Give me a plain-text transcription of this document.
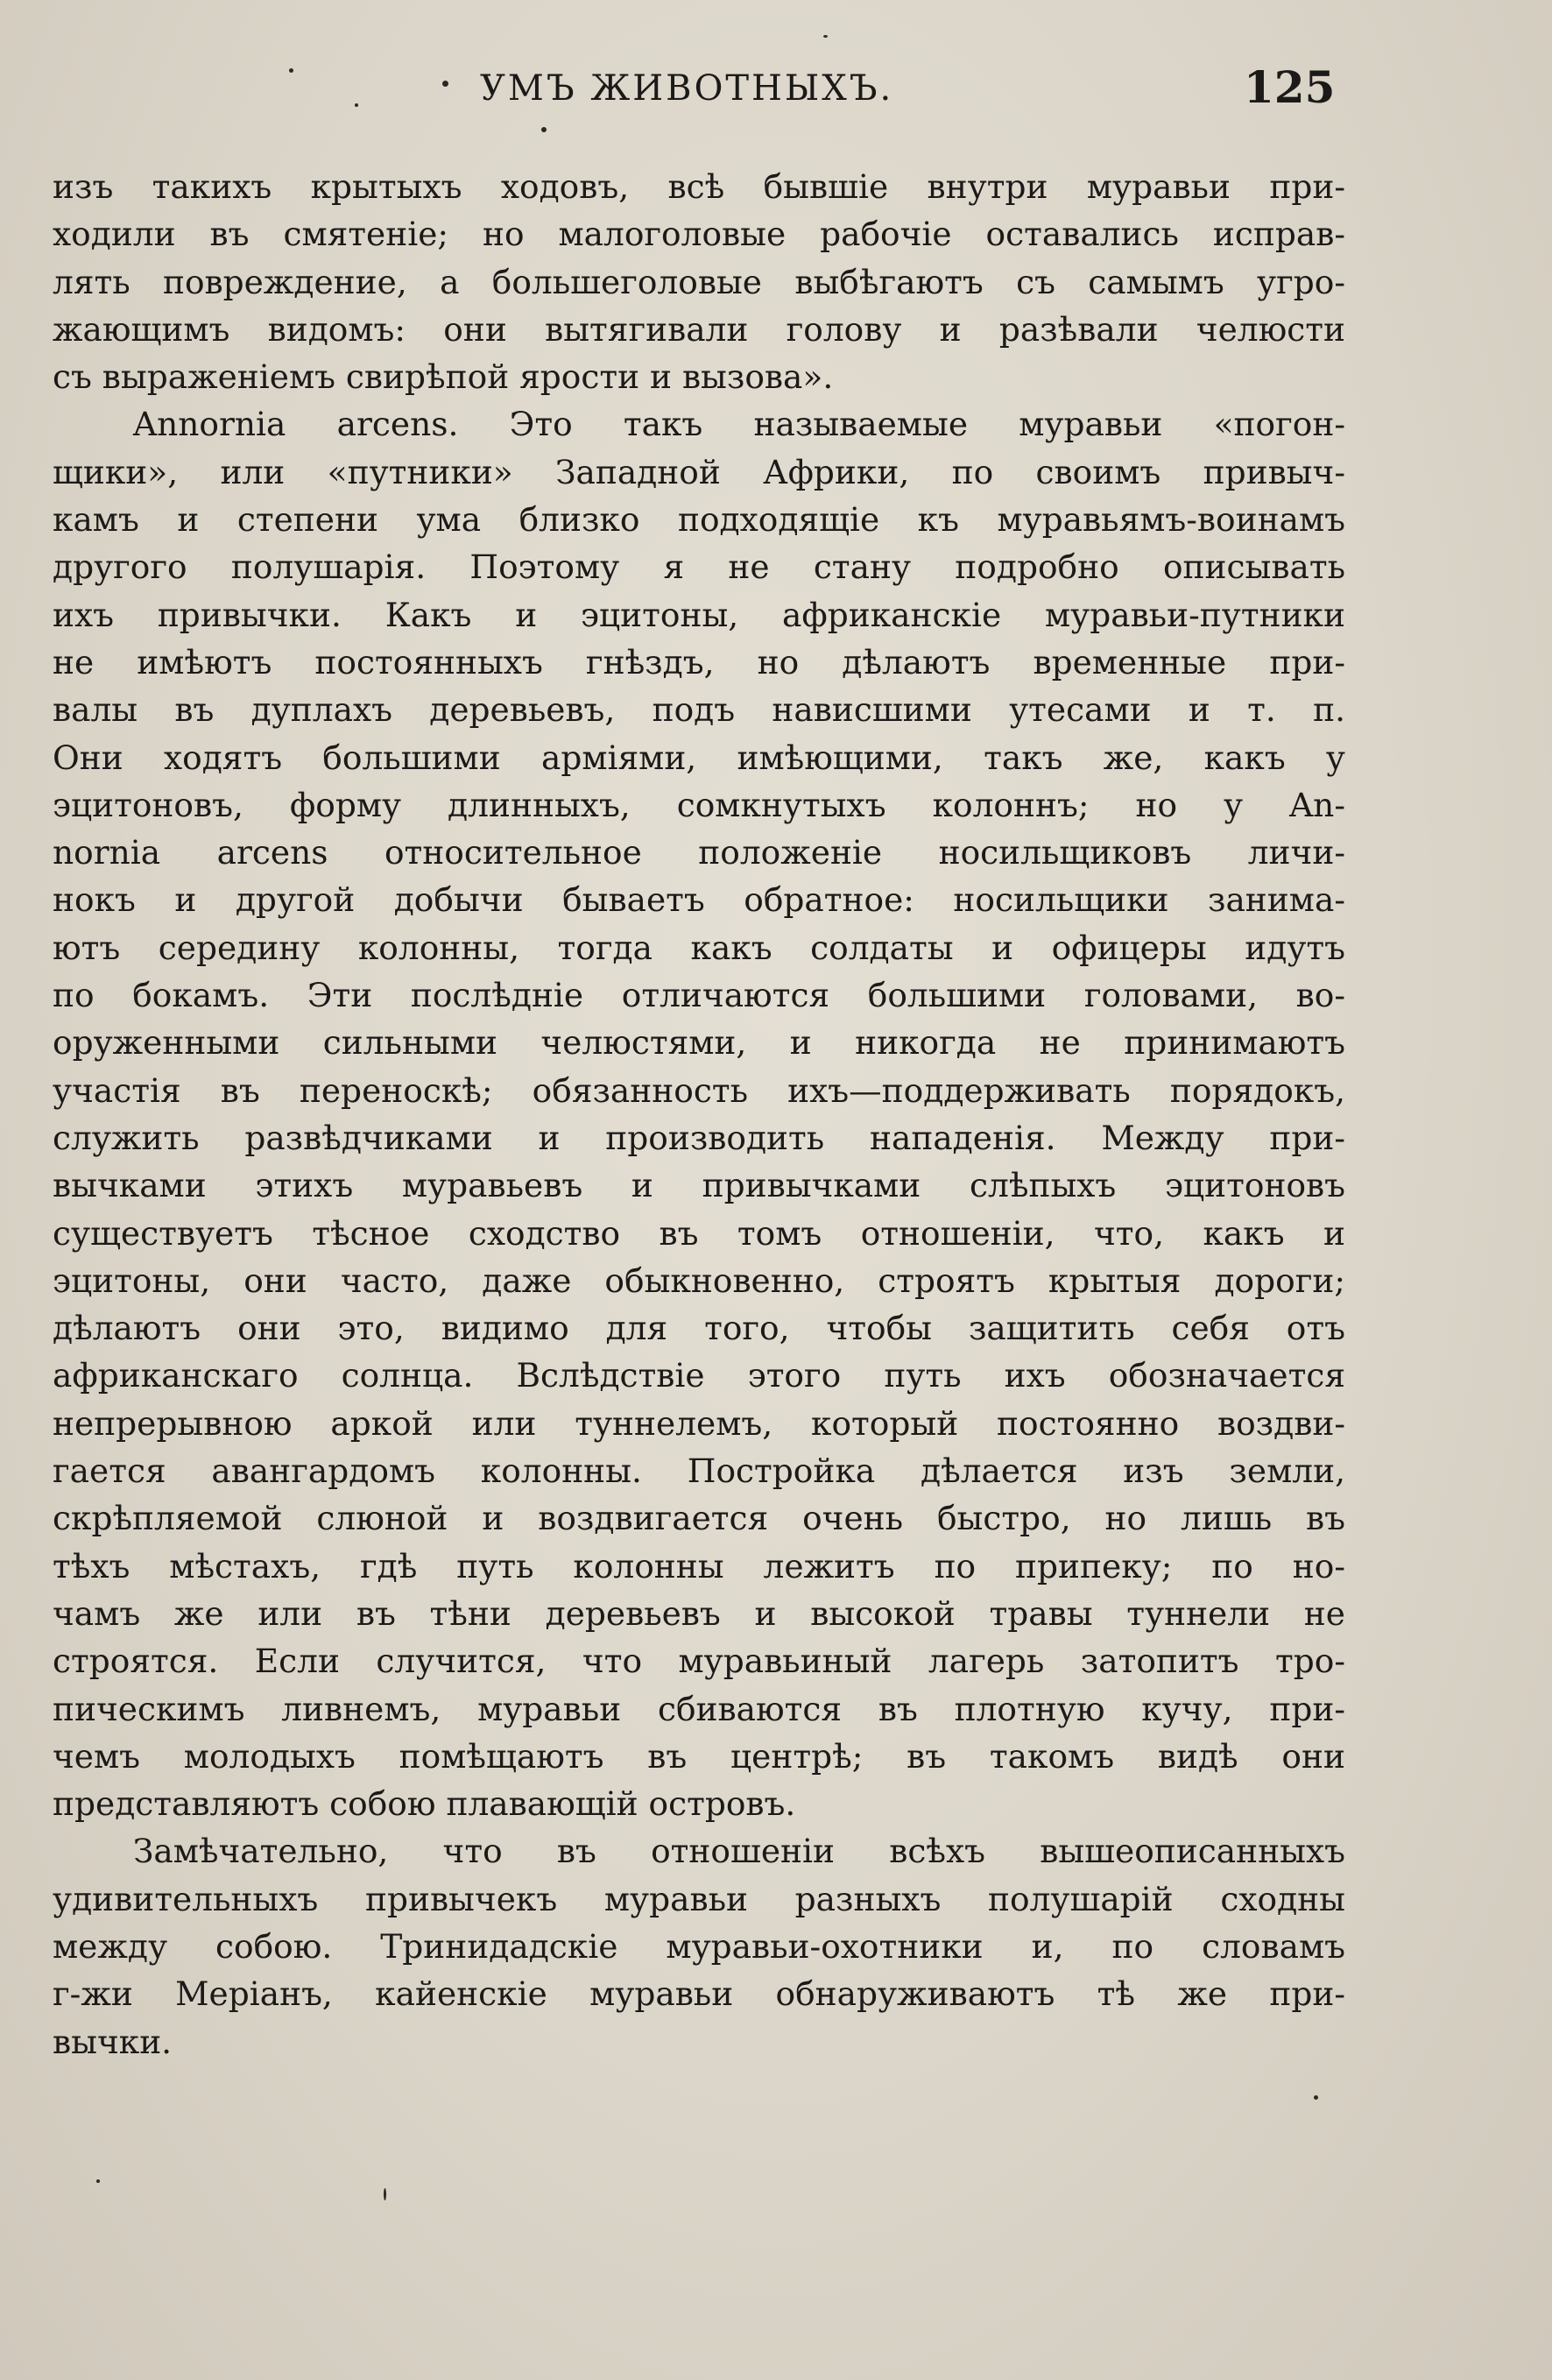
УМЪ ЖИВОТНЫХЪ.	125

изъ такихъ крытыхъ ходовъ, всѣ бывшіе внутри муравьи при-
ходили въ смятеніе; но малоголовые рабочіе оставались исправ-
лять повреждение, а большеголовые выбѣгаютъ съ самымъ угро-
жающимъ видомъ: они вытягивали голову и разѣвали челюсти
съ выраженіемъ свирѣпой ярости и вызова».

Annornia arcens. Это такъ называемые муравьи «погон-
щики», или «путники» Западной Африки, по своимъ привыч-
камъ и степени ума близко подходящіе къ муравьямъ-воинамъ
другого полушарія. Поэтому я не стану подробно описывать
ихъ привычки. Какъ и эцитоны, африканскіе муравьи-путники
не имѣютъ постоянныхъ гнѣздъ, но дѣлаютъ временные при-
валы въ дуплахъ деревьевъ, подъ нависшими утесами и т. п.
Они ходятъ большими арміями, имѣющими, такъ же, какъ у
эцитоновъ, форму длинныхъ, сомкнутыхъ колоннъ; но у An-
nornia arcens относительное положеніе носильщиковъ личи-
нокъ и другой добычи бываетъ обратное: носильщики занима-
ютъ середину колонны, тогда какъ солдаты и офицеры идутъ
по бокамъ. Эти послѣдніе отличаются большими головами, во-
оруженными сильными челюстями, и никогда не принимаютъ
участія въ переноскѣ; обязанность ихъ—поддерживать порядокъ,
служить развѣдчиками и производить нападенія. Между при-
вычками этихъ муравьевъ и привычками слѣпыхъ эцитоновъ
существуетъ тѣсное сходство въ томъ отношеніи, что, какъ и
эцитоны, они часто, даже обыкновенно, строятъ крытыя дороги;
дѣлаютъ они это, видимо для того, чтобы защитить себя отъ
африканскаго солнца. Вслѣдствіе этого путь ихъ обозначается
непрерывною аркой или туннелемъ, который постоянно воздви-
гается авангардомъ колонны. Постройка дѣлается изъ земли,
скрѣпляемой слюной и воздвигается очень быстро, но лишь въ
тѣхъ мѣстахъ, гдѣ путь колонны лежитъ по припеку; по но-
чамъ же или въ тѣни деревьевъ и высокой травы туннели не
строятся. Если случится, что муравьиный лагерь затопитъ тро-
пическимъ ливнемъ, муравьи сбиваются въ плотную кучу, при-
чемъ молодыхъ помѣщаютъ въ центрѣ; въ такомъ видѣ они
представляютъ собою плавающій островъ.

Замѣчательно, что въ отношеніи всѣхъ вышеописанныхъ
удивительныхъ привычекъ муравьи разныхъ полушарій сходны
между собою. Тринидадскіе муравьи-охотники и, по словамъ
г-жи Меріанъ, кайенскіе муравьи обнаруживаютъ тѣ же при-
вычки.
